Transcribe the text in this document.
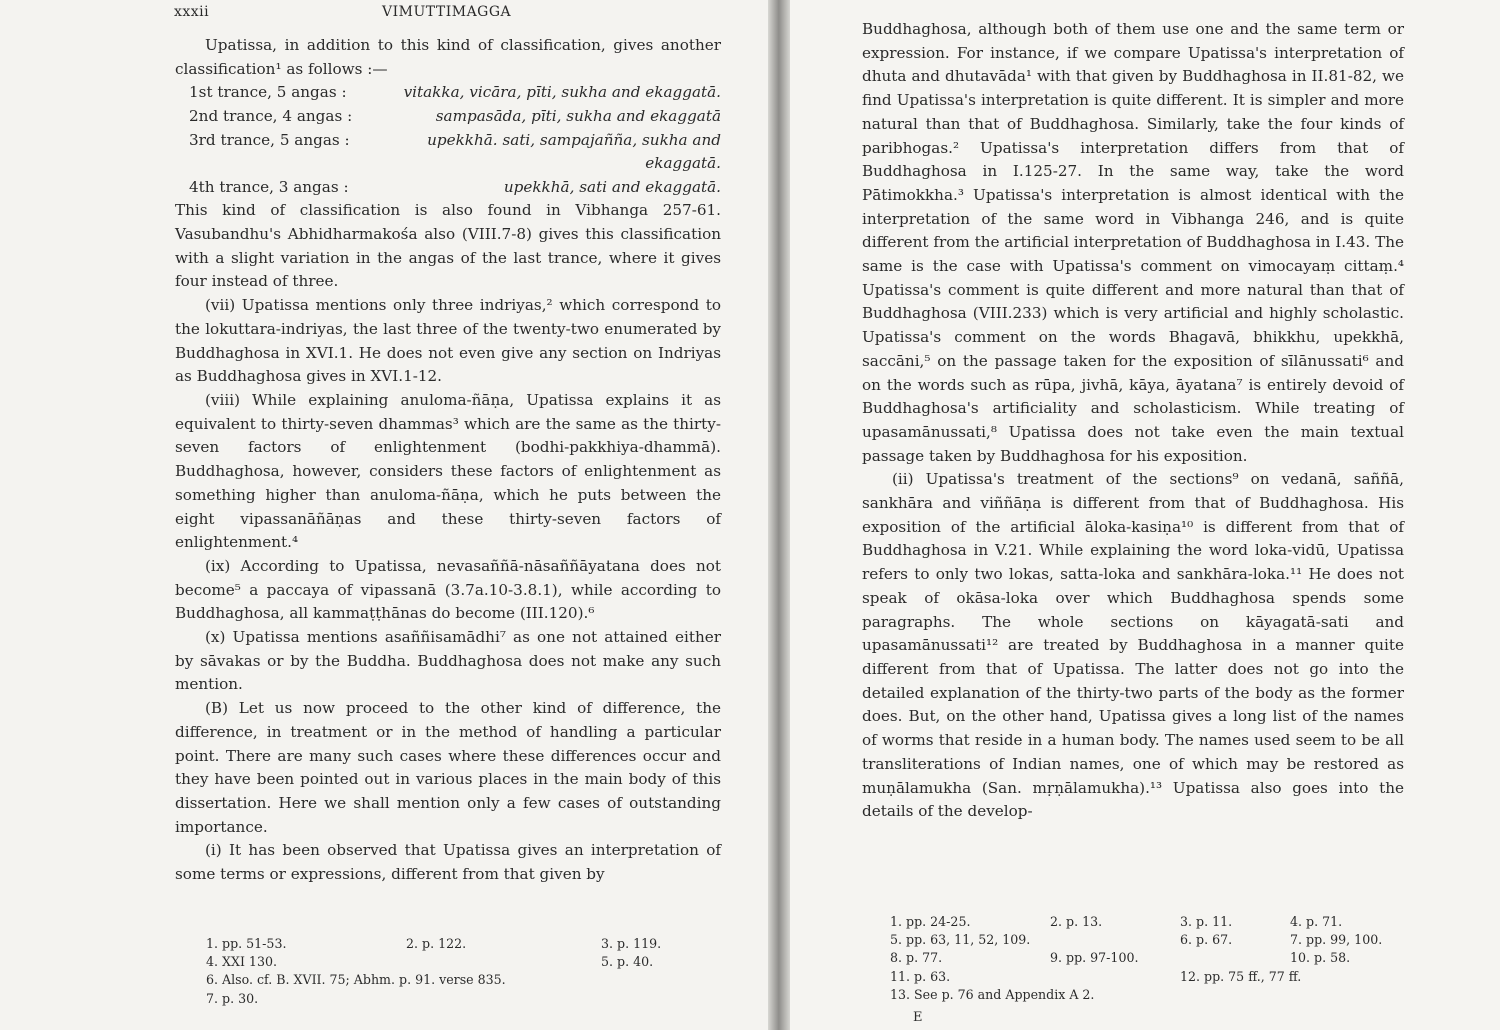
xxxii	VIMUTTIMAGGA

Upatissa, in addition to this kind of classification, gives another classification¹ as follows :—

1st trance, 5 angas :	vitakka, vicāra, pīti, sukha and ekaggatā.
2nd trance, 4 angas :	sampasāda, pīti, sukha and ekaggatā
3rd trance, 5 angas :	upekkhā. sati, sampajañña, sukha and ekaggatā.
4th trance, 3 angas :	upekkhā, sati and ekaggatā.

This kind of classification is also found in Vibhanga 257-61. Vasubandhu's Abhidharmakośa also (VIII.7-8) gives this classification with a slight variation in the angas of the last trance, where it gives four instead of three.

(vii) Upatissa mentions only three indriyas,² which correspond to the lokuttara-indriyas, the last three of the twenty-two enumerated by Buddhaghosa in XVI.1. He does not even give any section on Indriyas as Buddhaghosa gives in XVI.1-12.

(viii) While explaining anuloma-ñāṇa, Upatissa explains it as equivalent to thirty-seven dhammas³ which are the same as the thirty-seven factors of enlightenment (bodhi-pakkhiya-dhammā). Buddhaghosa, however, considers these factors of enlightenment as something higher than anuloma-ñāṇa, which he puts between the eight vipassanāñāṇas and these thirty-seven factors of enlightenment.⁴

(ix) According to Upatissa, nevasaññā-nāsaññāyatana does not become⁵ a paccaya of vipassanā (3.7a.10-3.8.1), while according to Buddhaghosa, all kammaṭṭhānas do become (III.120).⁶

(x) Upatissa mentions asaññisamādhi⁷ as one not attained either by sāvakas or by the Buddha. Buddhaghosa does not make any such mention.

(B) Let us now proceed to the other kind of difference, the difference, in treatment or in the method of handling a particular point. There are many such cases where these differences occur and they have been pointed out in various places in the main body of this dissertation. Here we shall mention only a few cases of outstanding importance.

(i) It has been observed that Upatissa gives an interpretation of some terms or expressions, different from that given by

Buddhaghosa, although both of them use one and the same term or expression. For instance, if we compare Upatissa's interpretation of dhuta and dhutavāda¹ with that given by Buddhaghosa in II.81-82, we find Upatissa's interpretation is quite different. It is simpler and more natural than that of Buddhaghosa. Similarly, take the four kinds of paribhogas.² Upatissa's interpretation differs from that of Buddhaghosa in I.125-27. In the same way, take the word Pātimokkha.³ Upatissa's interpretation is almost identical with the interpretation of the same word in Vibhanga 246, and is quite different from the artificial interpretation of Buddhaghosa in I.43. The same is the case with Upatissa's comment on vimocayaṃ cittaṃ.⁴ Upatissa's comment is quite different and more natural than that of Buddhaghosa (VIII.233) which is very artificial and highly scholastic. Upatissa's comment on the words Bhagavā, bhikkhu, upekkhā, saccāni,⁵ on the passage taken for the exposition of sīlānussati⁶ and on the words such as rūpa, jivhā, kāya, āyatana⁷ is entirely devoid of Buddhaghosa's artificiality and scholasticism. While treating of upasamānussati,⁸ Upatissa does not take even the main textual passage taken by Buddhaghosa for his exposition.

(ii) Upatissa's treatment of the sections⁹ on vedanā, saññā, sankhāra and viññāṇa is different from that of Buddhaghosa. His exposition of the artificial āloka-kasiṇa¹⁰ is different from that of Buddhaghosa in V.21. While explaining the word loka-vidū, Upatissa refers to only two lokas, satta-loka and sankhāra-loka.¹¹ He does not speak of okāsa-loka over which Buddhaghosa spends some paragraphs. The whole sections on kāyagatā-sati and upasamānussati¹² are treated by Buddhaghosa in a manner quite different from that of Upatissa. The latter does not go into the detailed explanation of the thirty-two parts of the body as the former does. But, on the other hand, Upatissa gives a long list of the names of worms that reside in a human body. The names used seem to be all transliterations of Indian names, one of which may be restored as muṇālamukha (San. mṛṇālamukha).¹³ Upatissa also goes into the details of the develop-

1. pp. 51-53.	2. p. 122.	3. p. 119.
4. XXI 130.	5. p. 40.
6. Also. cf. B. XVII. 75; Abhm. p. 91. verse 835.
7. p. 30.
1. pp. 24-25.	2. p. 13.	3. p. 11.	4. p. 71.
5. pp. 63, 11, 52, 109.	6. p. 67.	7. pp. 99, 100.
8. p. 77.	9. pp. 97-100.	10. p. 58.
11. p. 63.	12. pp. 75 ff., 77 ff.
13. See p. 76 and Appendix A 2.
E
